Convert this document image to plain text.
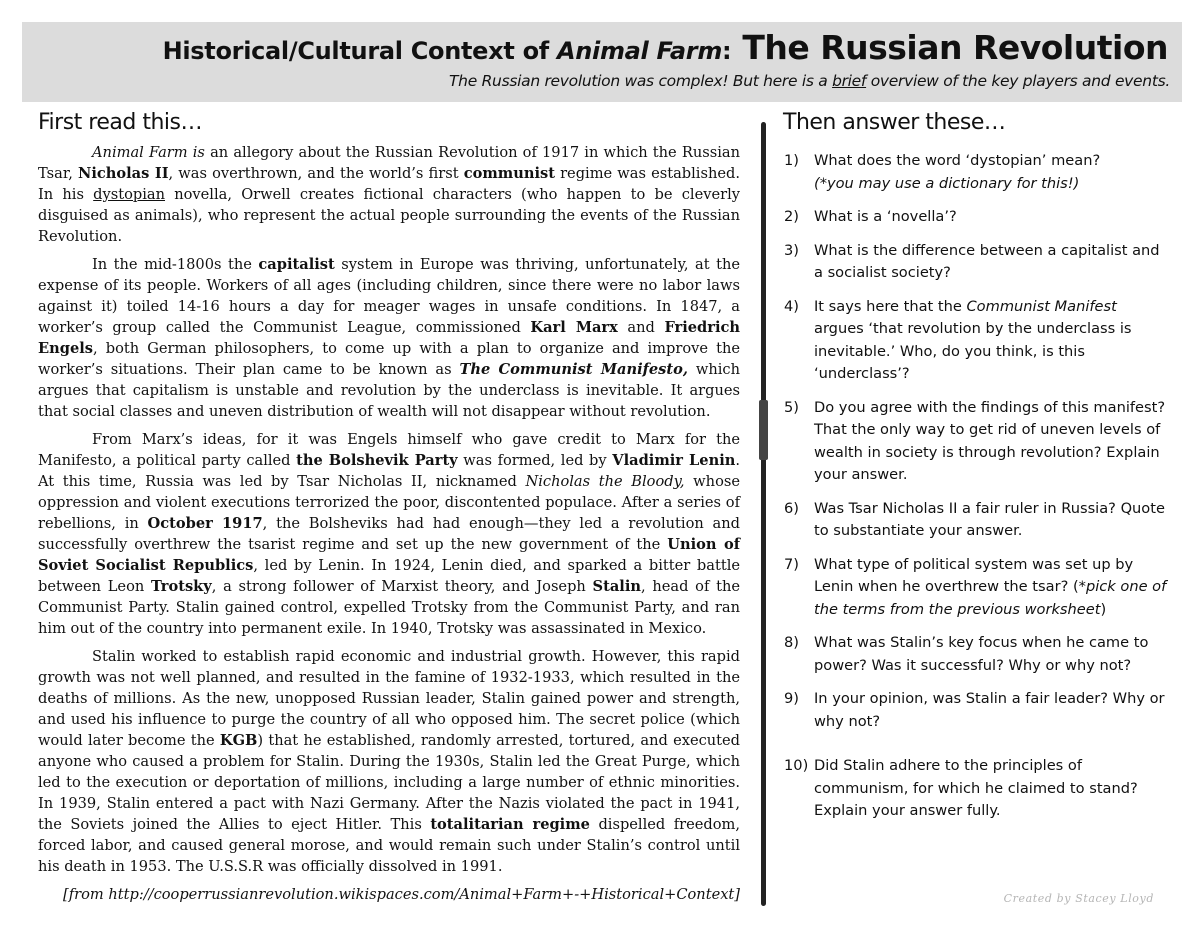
Historical/Cultural Context of Animal Farm: The Russian Revolution
The Russian revolution was complex! But here is a brief overview of the key players and events.
First read this…	Then answer these…

Animal Farm is an allegory about the Russian Revolution of 1917 in which the Russian Tsar, Nicholas II, was overthrown, and the world’s first communist regime was established. In his dystopian novella, Orwell creates fictional characters (who happen to be cleverly disguised as animals), who represent the actual people surrounding the events of the Russian Revolution.

In the mid-1800s the capitalist system in Europe was thriving, unfortunately, at the expense of its people. Workers of all ages (including children, since there were no labor laws against it) toiled 14-16 hours a day for meager wages in unsafe conditions. In 1847, a worker’s group called the Communist League, commissioned Karl Marx and Friedrich Engels, both German philosophers, to come up with a plan to organize and improve the worker’s situations. Their plan came to be known as The Communist Manifesto, which argues that capitalism is unstable and revolution by the underclass is inevitable. It argues that social classes and uneven distribution of wealth will not disappear without revolution.

From Marx’s ideas, for it was Engels himself who gave credit to Marx for the Manifesto, a political party called the Bolshevik Party was formed, led by Vladimir Lenin. At this time, Russia was led by Tsar Nicholas II, nicknamed Nicholas the Bloody, whose oppression and violent executions terrorized the poor, discontented populace. After a series of rebellions, in October 1917, the Bolsheviks had had enough—they led a revolution and successfully overthrew the tsarist regime and set up the new government of the Union of Soviet Socialist Republics, led by Lenin. In 1924, Lenin died, and sparked a bitter battle between Leon Trotsky, a strong follower of Marxist theory, and Joseph Stalin, head of the Communist Party. Stalin gained control, expelled Trotsky from the Communist Party, and ran him out of the country into permanent exile. In 1940, Trotsky was assassinated in Mexico.

Stalin worked to establish rapid economic and industrial growth. However, this rapid growth was not well planned, and resulted in the famine of 1932-1933, which resulted in the deaths of millions. As the new, unopposed Russian leader, Stalin gained power and strength, and used his influence to purge the country of all who opposed him. The secret police (which would later become the KGB) that he established, randomly arrested, tortured, and executed anyone who caused a problem for Stalin. During the 1930s, Stalin led the Great Purge, which led to the execution or deportation of millions, including a large number of ethnic minorities. In 1939, Stalin entered a pact with Nazi Germany. After the Nazis violated the pact in 1941, the Soviets joined the Allies to eject Hitler. This totalitarian regime dispelled freedom, forced labor, and caused general morose, and would remain such under Stalin’s control until his death in 1953. The U.S.S.R was officially dissolved in 1991.

[from http://cooperrussianrevolution.wikispaces.com/Animal+Farm+-+Historical+Context]

1)	What does the word ‘dystopian’ mean?
(*you may use a dictionary for this!)
2)	What is a ‘novella’?
3)	What is the difference between a capitalist and a socialist society?
4)	It says here that the Communist Manifest argues ‘that revolution by the underclass is inevitable.’ Who, do you think, is this ‘underclass’?
5)	Do you agree with the findings of this manifest? That the only way to get rid of uneven levels of wealth in society is through revolution? Explain your answer.
6)	Was Tsar Nicholas II a fair ruler in Russia? Quote to substantiate your answer.
7)	What type of political system was set up by Lenin when he overthrew the tsar? (*pick one of the terms from the previous worksheet)
8)	What was Stalin’s key focus when he came to power? Was it successful? Why or why not?
9)	In your opinion, was Stalin a fair leader? Why or why not?
10) Did Stalin adhere to the principles of communism, for which he claimed to stand? Explain your answer fully.
Created by Stacey Lloyd
